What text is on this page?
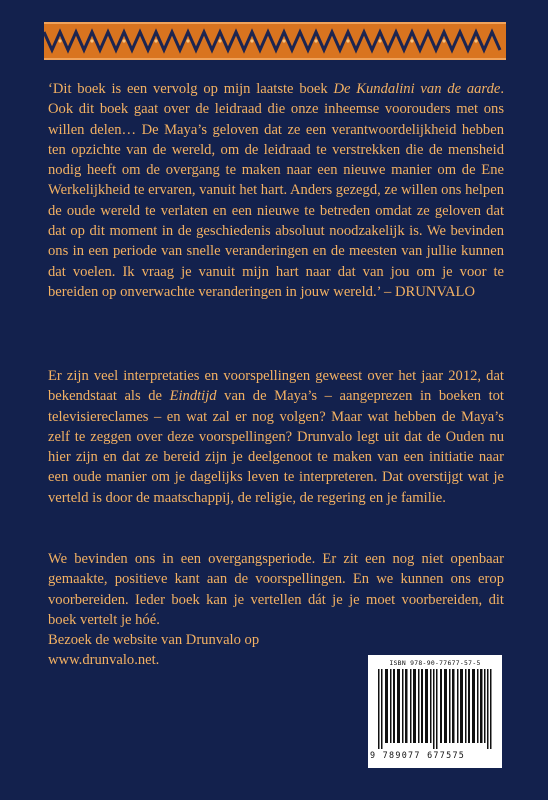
‘Dit boek is een vervolg op mijn laatste boek De Kundalini van de aarde. Ook dit boek gaat over de leidraad die onze inheemse voorouders met ons willen delen… De Maya’s geloven dat ze een verantwoordelijkheid hebben ten opzichte van de wereld, om de leidraad te verstrekken die de mensheid nodig heeft om de overgang te maken naar een nieuwe manier om de Ene Werkelijkheid te ervaren, vanuit het hart. Anders gezegd, ze willen ons helpen de oude wereld te verlaten en een nieuwe te betreden omdat ze geloven dat dat op dit moment in de geschiedenis absoluut noodzakelijk is. We bevinden ons in een periode van snelle veranderingen en de meesten van jullie kunnen dat voelen. Ik vraag je vanuit mijn hart naar dat van jou om je voor te bereiden op onverwachte veranderingen in jouw wereld.’ – DRUNVALO

Er zijn veel interpretaties en voorspellingen geweest over het jaar 2012, dat bekendstaat als de Eindtijd van de Maya’s – aangeprezen in boeken tot televisiereclames – en wat zal er nog volgen? Maar wat hebben de Maya’s zelf te zeggen over deze voorspellingen? Drunvalo legt uit dat de Ouden nu hier zijn en dat ze bereid zijn je deelgenoot te maken van een initiatie naar een oude manier om je dagelijks leven te interpreteren. Dat overstijgt wat je verteld is door de maatschappij, de religie, de regering en je familie.

We bevinden ons in een overgangsperiode. Er zit een nog niet openbaar gemaakte, positieve kant aan de voorspellingen. En we kunnen ons erop voorbereiden. Ieder boek kan je vertellen dát je je moet voorbereiden, dit boek vertelt je hóé.
Bezoek de website van Drunvalo op
www.drunvalo.net.	ISBN 978-90-77677-57-5
9 789077 677575
